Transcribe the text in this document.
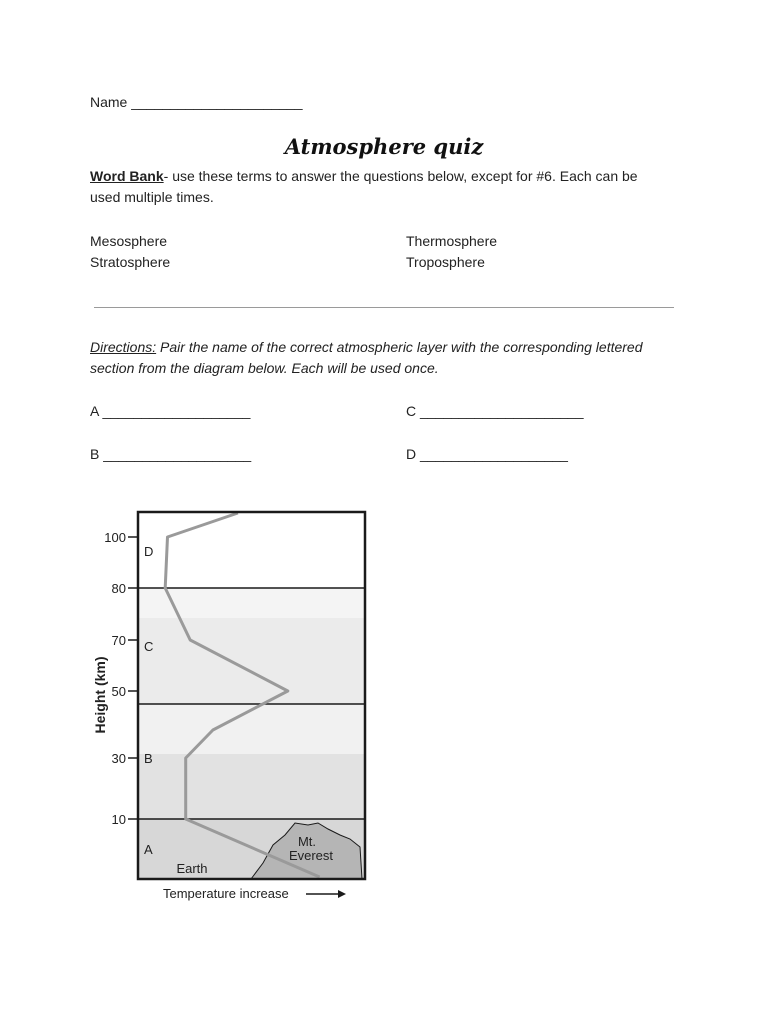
Name ______________________
Atmosphere quiz
Word Bank- use these terms to answer the questions below, except for #6. Each can be used multiple times.
Mesosphere
Stratosphere
Thermosphere
Troposphere
Directions: Pair the name of the correct atmospheric layer with the corresponding lettered section from the diagram below. Each will be used once.
A ___________________
B ___________________
C _____________________
D ___________________
100
80
70
50
30
10
Height (km)
D
C
B
A
Mt.
Everest
Earth
Temperature increase
